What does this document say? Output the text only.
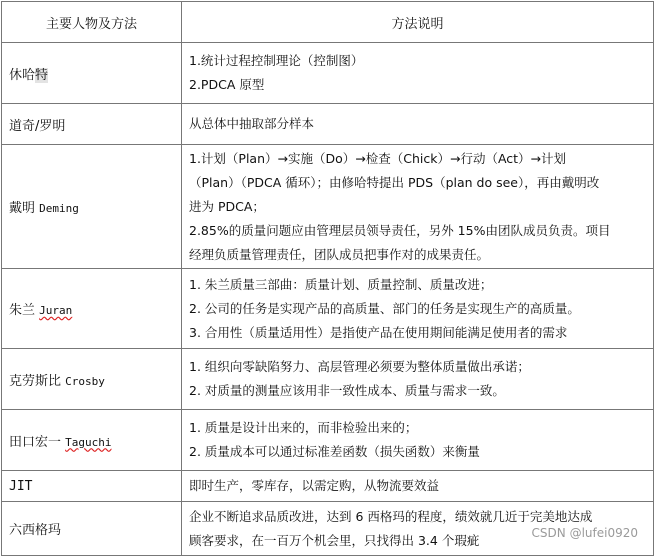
主要人物及方法	方法说明
休哈特	1.统计过程控制理论（控制图）
2.PDCA 原型

道奇/罗明	从总体中抽取部分样本

戴明 Deming	1.计划（Plan）→实施（Do）→检查（Chick）→行动（Act）→计划
（Plan）（PDCA 循环）；由修哈特提出 PDS（plan do see），再由戴明改
进为 PDCA；
2.85%的质量问题应由管理层员领导责任，另外 15%由团队成员负责。项目
经理负质量管理责任，团队成员把事作对的成果责任。

朱兰 Juran	1. 朱兰质量三部曲：质量计划、质量控制、质量改进；
2. 公司的任务是实现产品的高质量、部门的任务是实现生产的高质量。
3. 合用性（质量适用性）是指使产品在使用期间能满足使用者的需求

克劳斯比 Crosby	1. 组织向零缺陷努力、高层管理必须要为整体质量做出承诺；
2. 对质量的测量应该用非一致性成本、质量与需求一致。

田口宏一 Taguchi	1. 质量是设计出来的，而非检验出来的；
2. 质量成本可以通过标准差函数（损失函数）来衡量

JIT	即时生产，零库存，以需定购，从物流要效益

六西格玛	企业不断追求品质改进，达到 6 西格玛的程度，绩效就几近于完美地达成
顾客要求，在一百万个机会里，只找得出 3.4 个瑕疵	CSDN @lufei0920
